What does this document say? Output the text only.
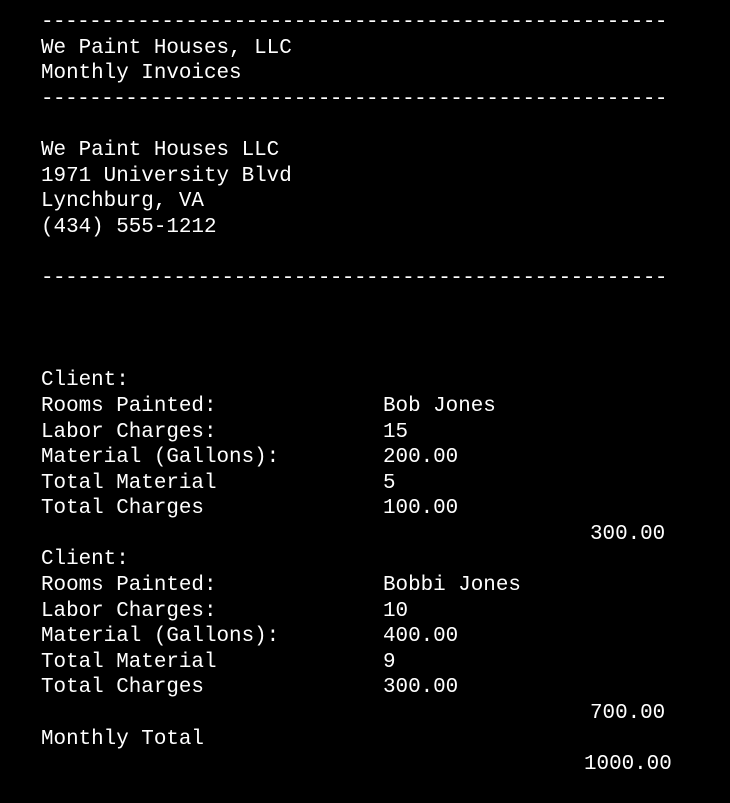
----------------------------------------------------
We Paint Houses, LLC
Monthly Invoices
----------------------------------------------------
We Paint Houses LLC
1971 University Blvd
Lynchburg, VA
(434) 555-1212
----------------------------------------------------

Client:

Bob Jones

Rooms Painted:

15

Labor Charges:

200.00

Material (Gallons):

5

Total Material

100.00

Total Charges

300.00

Client:

Bobbi Jones

Rooms Painted:

10

Labor Charges:

400.00

Material (Gallons):

9

Total Material

300.00

Total Charges

700.00

Monthly Total

1000.00
